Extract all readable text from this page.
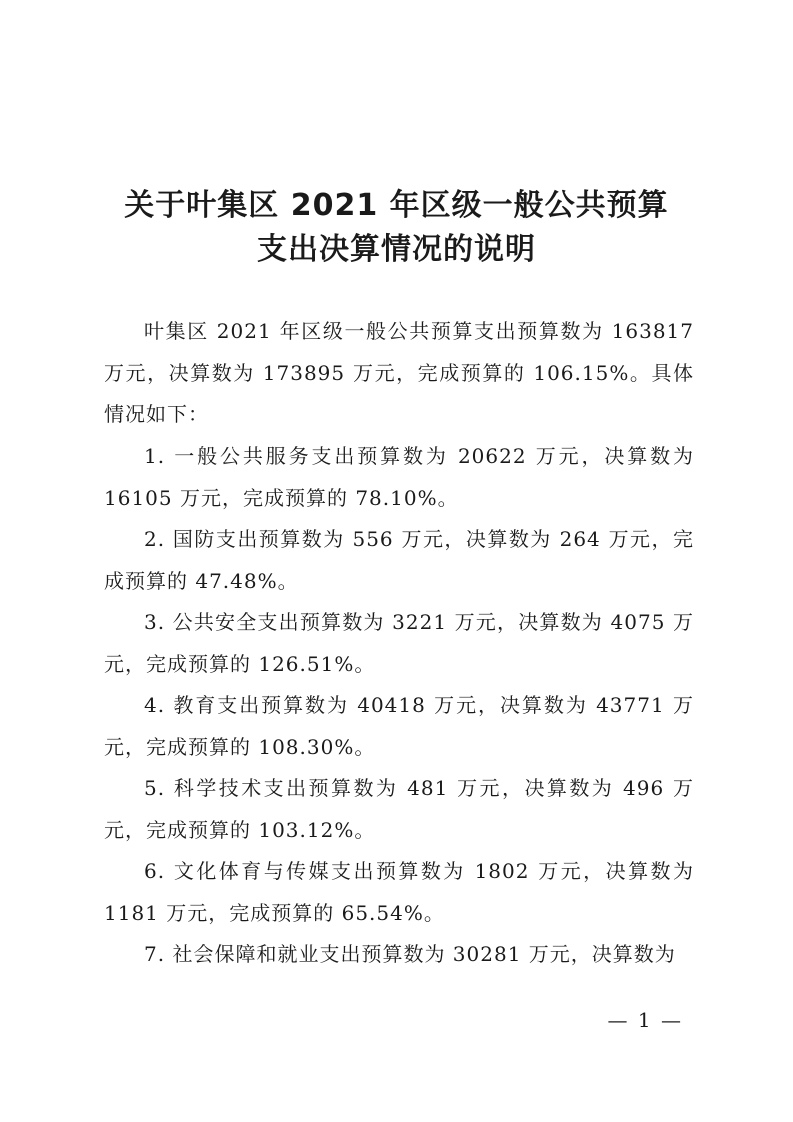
关于叶集区 2021 年区级一般公共预算
支出决算情况的说明

叶集区 2021 年区级一般公共预算支出预算数为 163817 万元，决算数为 173895 万元，完成预算的 106.15%。具体情况如下：

1. 一般公共服务支出预算数为 20622 万元，决算数为 16105 万元，完成预算的 78.10%。

2. 国防支出预算数为 556 万元，决算数为 264 万元，完成预算的 47.48%。

3. 公共安全支出预算数为 3221 万元，决算数为 4075 万元，完成预算的 126.51%。

4. 教育支出预算数为 40418 万元，决算数为 43771 万元，完成预算的 108.30%。

5. 科学技术支出预算数为 481 万元，决算数为 496 万元，完成预算的 103.12%。

6. 文化体育与传媒支出预算数为 1802 万元，决算数为 1181 万元，完成预算的 65.54%。

7. 社会保障和就业支出预算数为 30281 万元，决算数为

— 1 —
